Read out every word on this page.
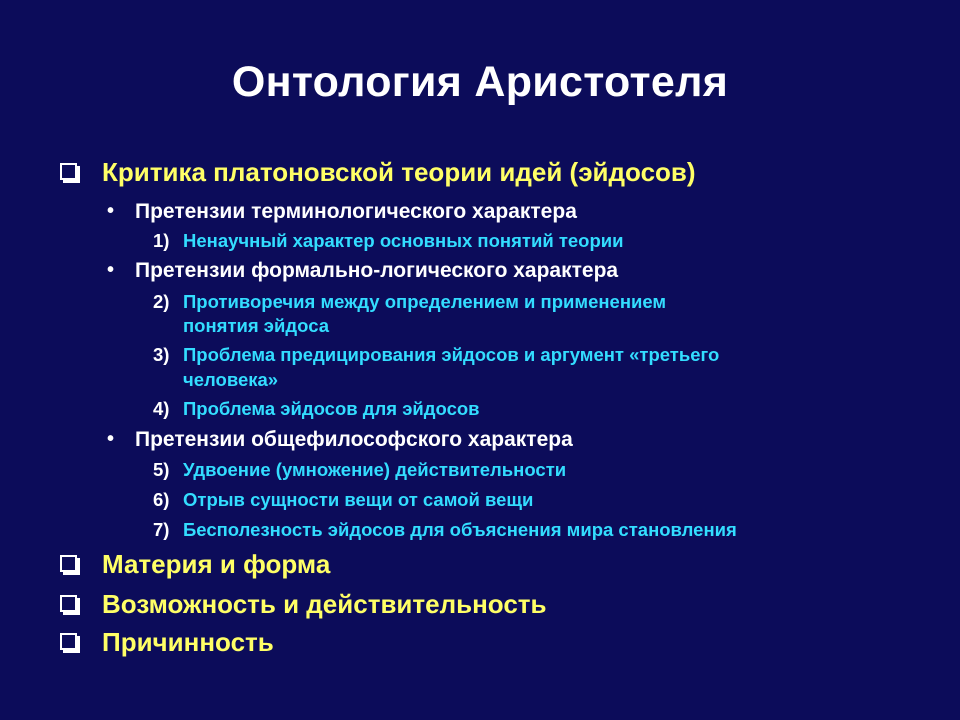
Онтология Аристотеля
Критика платоновской теории идей (эйдосов)
• Претензии терминологического характера
1) Ненаучный характер основных понятий теории
• Претензии формально-логического характера
2) Противоречия между определением и применением
понятия эйдоса
3) Проблема предицирования эйдосов и аргумент «третьего
человека»
4) Проблема эйдосов для эйдосов
• Претензии общефилософского характера
5) Удвоение (умножение) действительности
6) Отрыв сущности вещи от самой вещи
7) Бесполезность эйдосов для объяснения мира становления
Материя и форма
Возможность и действительность
Причинность
